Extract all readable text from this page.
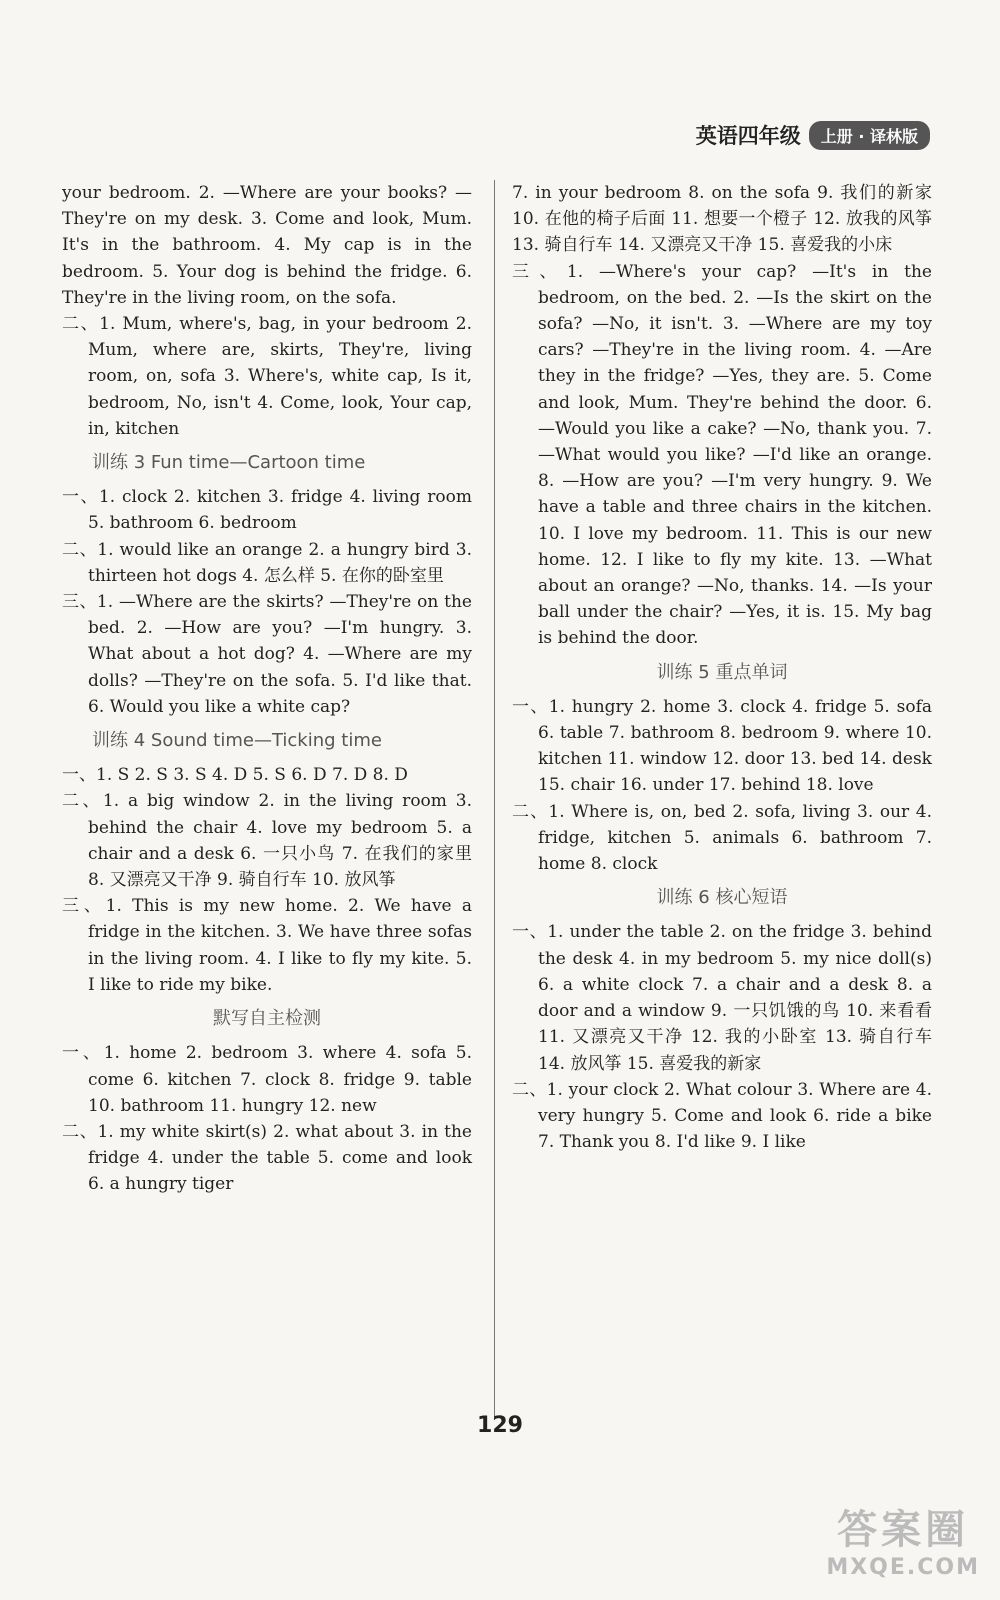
英语四年级	上册 · 译林版

your bedroom. 2. —Where are your books? —They're on my desk. 3. Come and look, Mum. It's in the bathroom. 4. My cap is in the bedroom. 5. Your dog is behind the fridge. 6. They're in the living room, on the sofa.

二、1. Mum, where's, bag, in your bedroom 2. Mum, where are, skirts, They're, living room, on, sofa 3. Where's, white cap, Is it, bedroom, No, isn't 4. Come, look, Your cap, in, kitchen

训练 3 Fun time—Cartoon time

一、1. clock 2. kitchen 3. fridge 4. living room 5. bathroom 6. bedroom

二、1. would like an orange 2. a hungry bird 3. thirteen hot dogs 4. 怎么样 5. 在你的卧室里

三、1. —Where are the skirts? —They're on the bed. 2. —How are you? —I'm hungry. 3. What about a hot dog? 4. —Where are my dolls? —They're on the sofa. 5. I'd like that. 6. Would you like a white cap?

训练 4 Sound time—Ticking time

一、1. S 2. S 3. S 4. D 5. S 6. D 7. D 8. D

二、1. a big window 2. in the living room 3. behind the chair 4. love my bedroom 5. a chair and a desk 6. 一只小鸟 7. 在我们的家里 8. 又漂亮又干净 9. 骑自行车 10. 放风筝

三、1. This is my new home. 2. We have a fridge in the kitchen. 3. We have three sofas in the living room. 4. I like to fly my kite. 5. I like to ride my bike.

默写自主检测

一、1. home 2. bedroom 3. where 4. sofa 5. come 6. kitchen 7. clock 8. fridge 9. table 10. bathroom 11. hungry 12. new

二、1. my white skirt(s) 2. what about 3. in the fridge 4. under the table 5. come and look 6. a hungry tiger

7. in your bedroom 8. on the sofa 9. 我们的新家 10. 在他的椅子后面 11. 想要一个橙子 12. 放我的风筝 13. 骑自行车 14. 又漂亮又干净 15. 喜爱我的小床

三、1. —Where's your cap? —It's in the bedroom, on the bed. 2. —Is the skirt on the sofa? —No, it isn't. 3. —Where are my toy cars? —They're in the living room. 4. —Are they in the fridge? —Yes, they are. 5. Come and look, Mum. They're behind the door. 6. —Would you like a cake? —No, thank you. 7. —What would you like? —I'd like an orange. 8. —How are you? —I'm very hungry. 9. We have a table and three chairs in the kitchen. 10. I love my bedroom. 11. This is our new home. 12. I like to fly my kite. 13. —What about an orange? —No, thanks. 14. —Is your ball under the chair? —Yes, it is. 15. My bag is behind the door.

训练 5 重点单词

一、1. hungry 2. home 3. clock 4. fridge 5. sofa 6. table 7. bathroom 8. bedroom 9. where 10. kitchen 11. window 12. door 13. bed 14. desk 15. chair 16. under 17. behind 18. love

二、1. Where is, on, bed 2. sofa, living 3. our 4. fridge, kitchen 5. animals 6. bathroom 7. home 8. clock

训练 6 核心短语

一、1. under the table 2. on the fridge 3. behind the desk 4. in my bedroom 5. my nice doll(s) 6. a white clock 7. a chair and a desk 8. a door and a window 9. 一只饥饿的鸟 10. 来看看 11. 又漂亮又干净 12. 我的小卧室 13. 骑自行车 14. 放风筝 15. 喜爱我的新家

二、1. your clock 2. What colour 3. Where are 4. very hungry 5. Come and look 6. ride a bike 7. Thank you 8. I'd like 9. I like

129
答案圈
MXQE.COM
